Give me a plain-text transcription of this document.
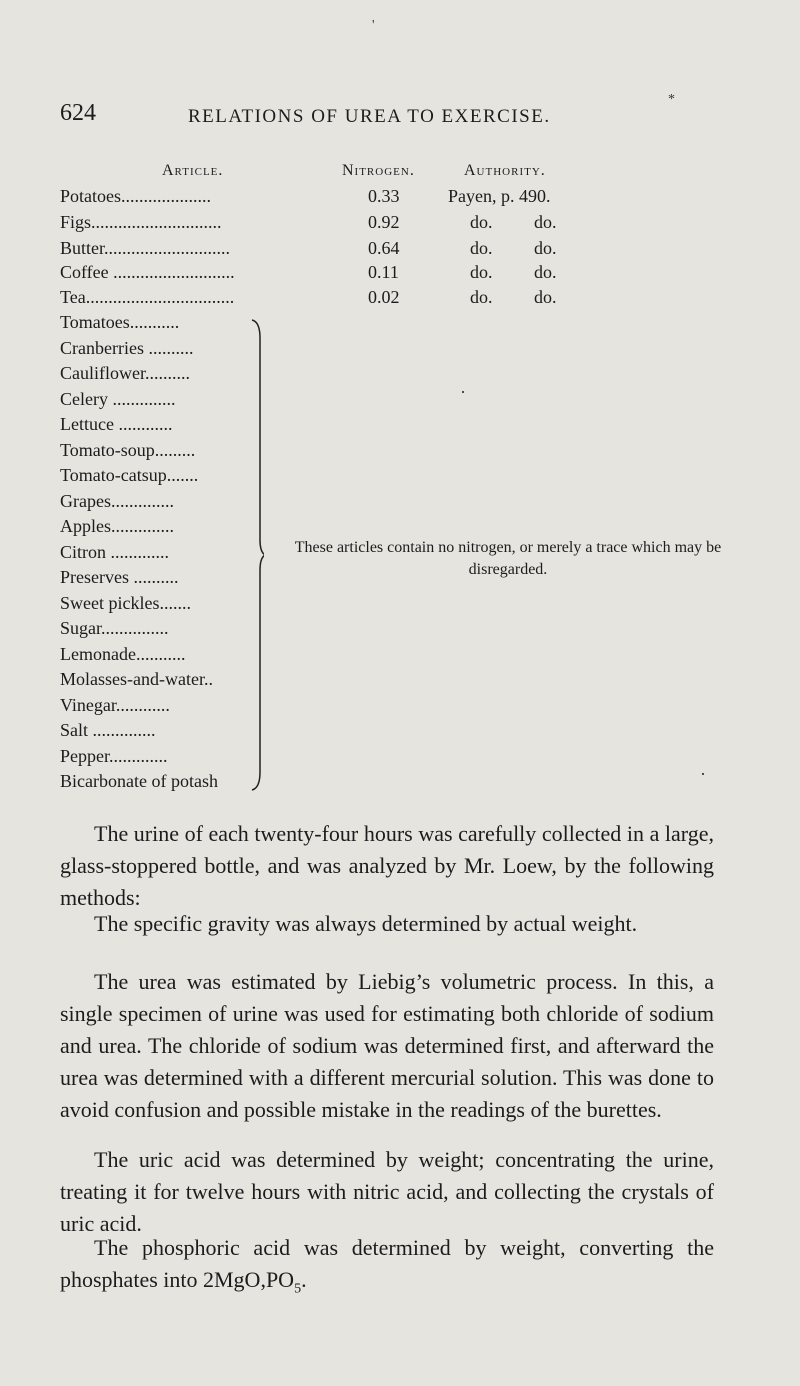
'
*
·
·
624	RELATIONS OF UREA TO EXERCISE.
Article.	Nitrogen.	Authority.
Potatoes....................	0.33	Payen, p. 490.
Figs.............................	0.92	do. do.
Butter............................	0.64	do. do.
Coffee ...........................	0.11	do. do.
Tea.................................	0.02	do. do.
Tomatoes...........
Cranberries ..........
Cauliflower..........
Celery ..............
Lettuce ............
Tomato-soup.........
Tomato-catsup.......
Grapes..............
Apples..............
Citron .............
Preserves ..........
Sweet pickles.......
Sugar...............
Lemonade...........
Molasses-and-water..
Vinegar............
Salt ..............
Pepper.............
Bicarbonate of potash
These articles contain no nitrogen, or merely a trace which may be disregarded.
The urine of each twenty-four hours was carefully collected in a large, glass-stoppered bottle, and was analyzed by Mr. Loew, by the following methods:
The specific gravity was always determined by actual weight.
The urea was estimated by Liebig’s volumetric process. In this, a single specimen of urine was used for estimating both chloride of sodium and urea. The chloride of sodium was determined first, and afterward the urea was determined with a different mercurial solution. This was done to avoid confusion and possible mistake in the readings of the burettes.
The uric acid was determined by weight; concentrating the urine, treating it for twelve hours with nitric acid, and collecting the crystals of uric acid.
The phosphoric acid was determined by weight, converting the phosphates into $2MgO,PO_5$.
